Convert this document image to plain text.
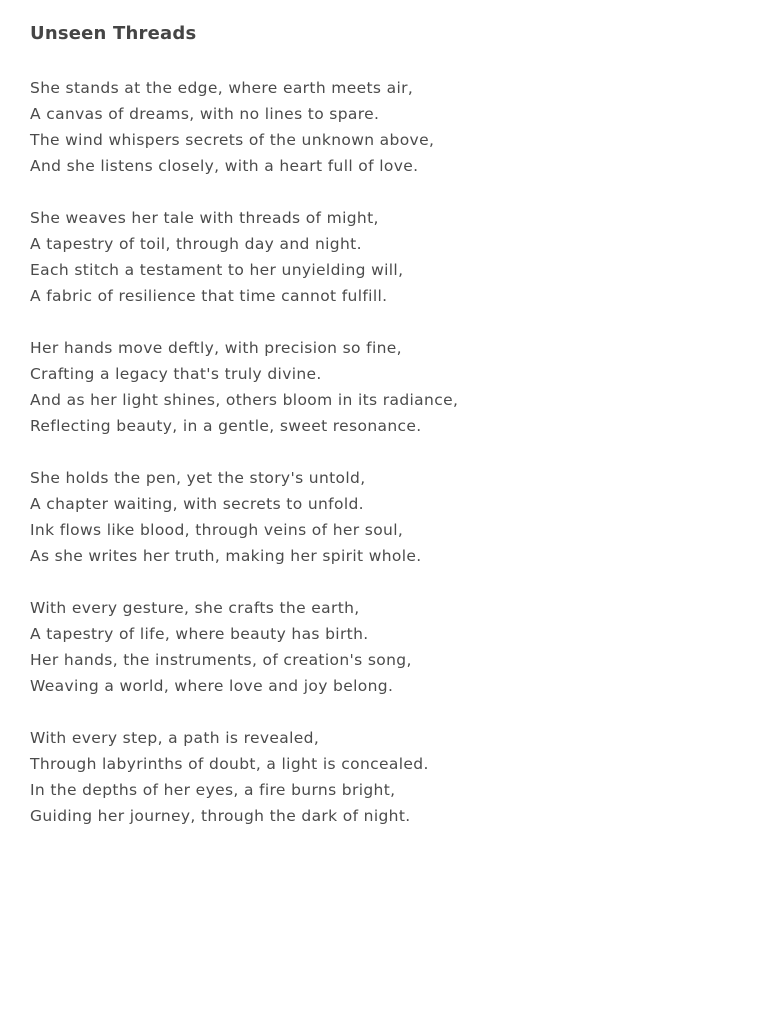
Unseen Threads
She stands at the edge, where earth meets air,
A canvas of dreams, with no lines to spare.
The wind whispers secrets of the unknown above,
And she listens closely, with a heart full of love.
She weaves her tale with threads of might,
A tapestry of toil, through day and night.
Each stitch a testament to her unyielding will,
A fabric of resilience that time cannot fulfill.
Her hands move deftly, with precision so fine,
Crafting a legacy that's truly divine.
And as her light shines, others bloom in its radiance,
Reflecting beauty, in a gentle, sweet resonance.
She holds the pen, yet the story's untold,
A chapter waiting, with secrets to unfold.
Ink flows like blood, through veins of her soul,
As she writes her truth, making her spirit whole.
With every gesture, she crafts the earth,
A tapestry of life, where beauty has birth.
Her hands, the instruments, of creation's song,
Weaving a world, where love and joy belong.
With every step, a path is revealed,
Through labyrinths of doubt, a light is concealed.
In the depths of her eyes, a fire burns bright,
Guiding her journey, through the dark of night.
